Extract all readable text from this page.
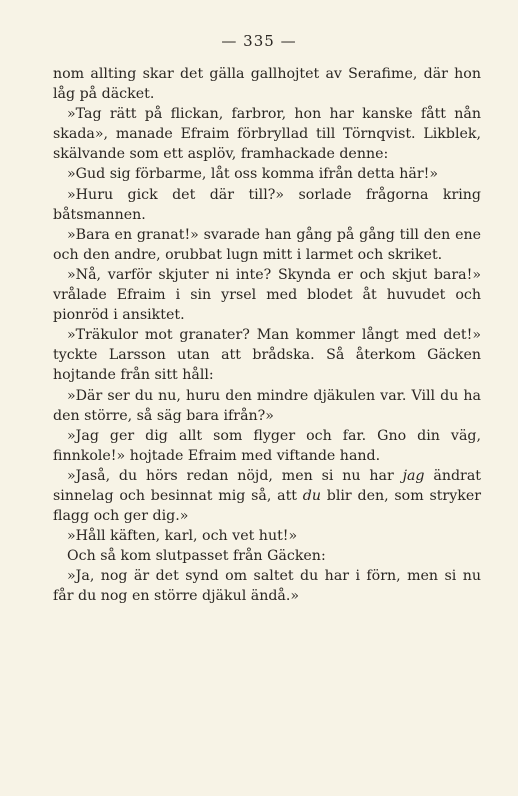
— 335 —

nom allting skar det gälla gallhojtet av Serafime, där hon låg på däcket.

»Tag rätt på flickan, farbror, hon har kanske fått nån skada», manade Efraim förbryllad till Törnqvist. Likblek, skälvande som ett asplöv, framhackade denne:

»Gud sig förbarme, låt oss komma ifrån detta här!»

»Huru gick det där till?» sorlade frågorna kring båtsmannen.

»Bara en granat!» svarade han gång på gång till den ene och den andre, orubbat lugn mitt i larmet och skriket.

»Nå, varför skjuter ni inte? Skynda er och skjut bara!» vrålade Efraim i sin yrsel med blodet åt huvudet och pionröd i ansiktet.

»Träkulor mot granater? Man kommer långt med det!» tyckte Larsson utan att brådska. Så återkom Gäcken hojtande från sitt håll:

»Där ser du nu, huru den mindre djäkulen var. Vill du ha den större, så säg bara ifrån?»

»Jag ger dig allt som flyger och far. Gno din väg, finnkole!» hojtade Efraim med viftande hand.

»Jaså, du hörs redan nöjd, men si nu har jag ändrat sinnelag och besinnat mig så, att du blir den, som stryker flagg och ger dig.»

»Håll käften, karl, och vet hut!»

Och så kom slutpasset från Gäcken:

»Ja, nog är det synd om saltet du har i förn, men si nu får du nog en större djäkul ändå.»
